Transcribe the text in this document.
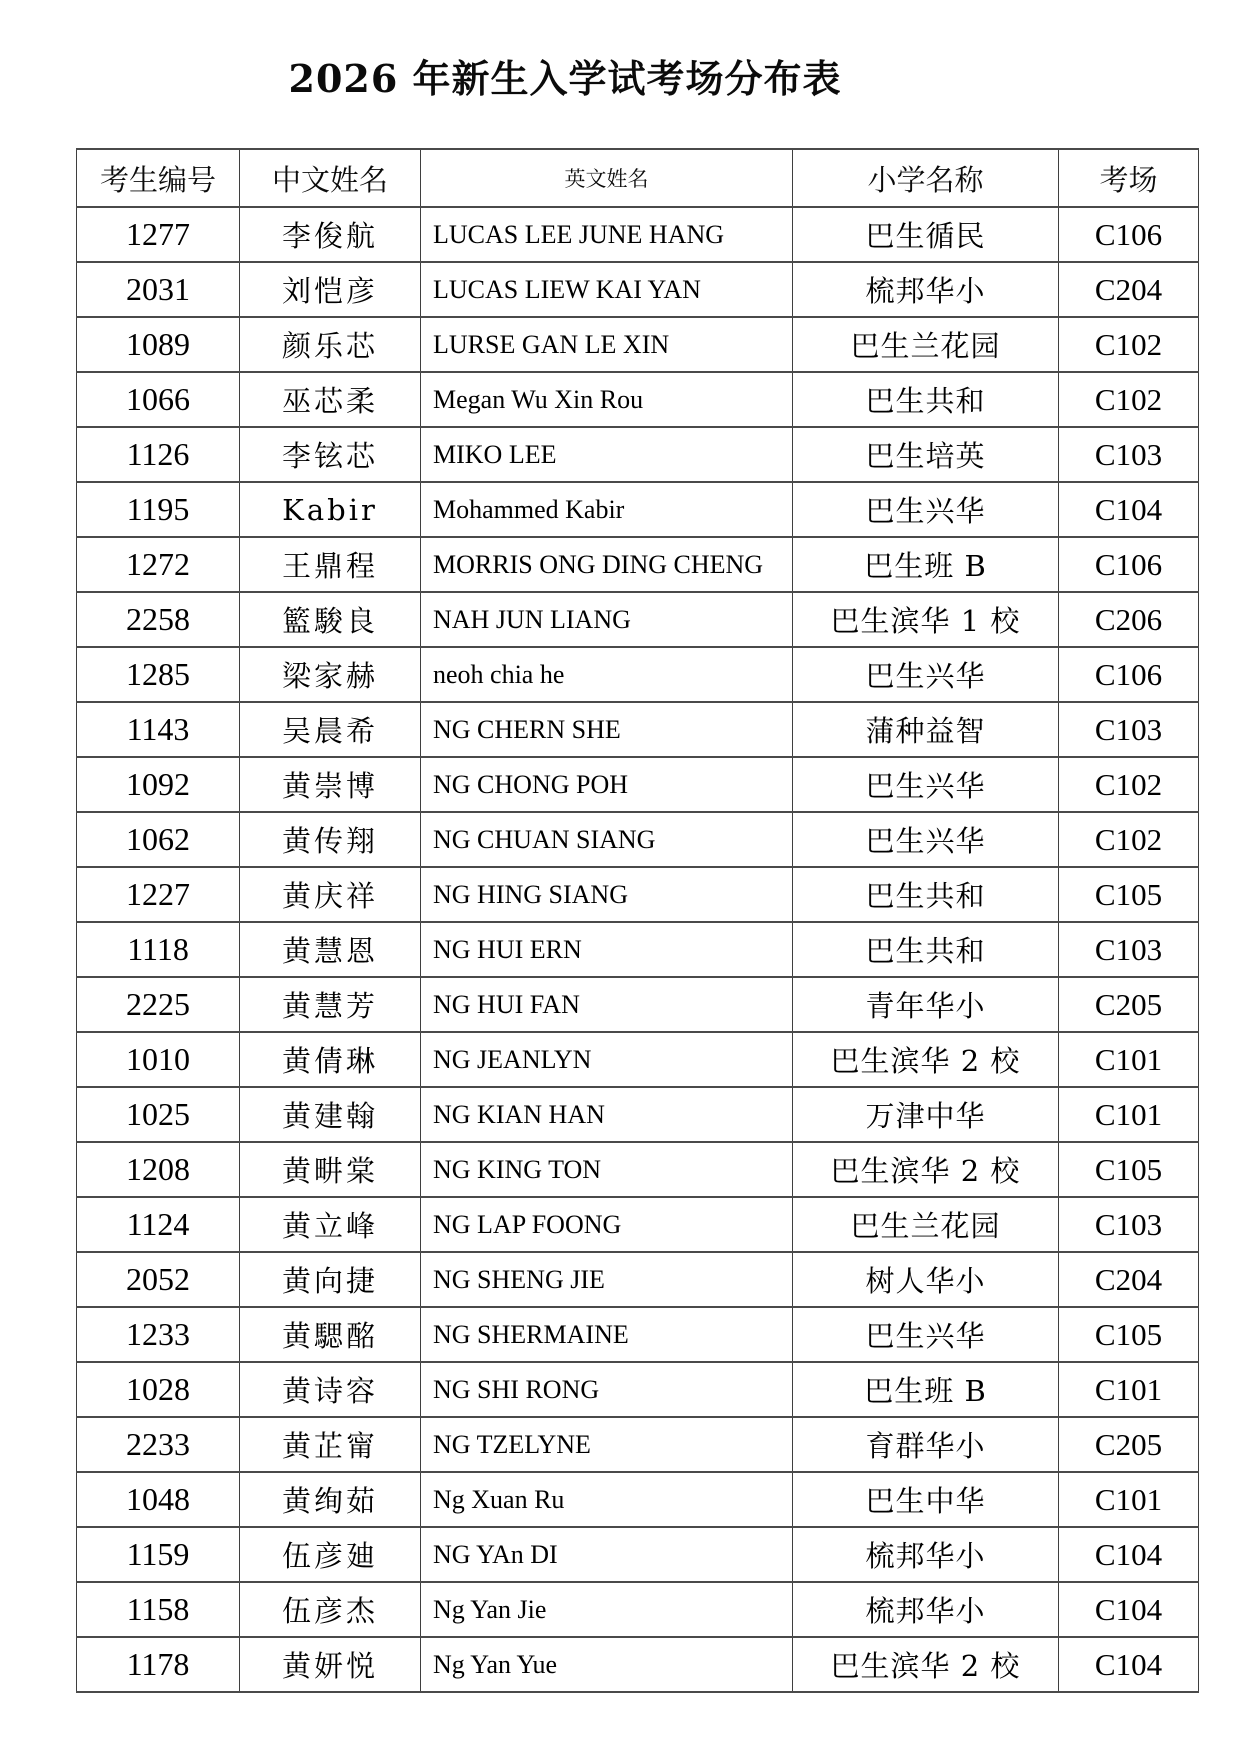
2026 年新生入学试考场分布表
考生编号	中文姓名	英文姓名	小学名称	考场
1277	李俊航	LUCAS LEE JUNE HANG	巴生循民	C106
2031	刘恺彦	LUCAS LIEW KAI YAN	梳邦华小	C204
1089	颜乐芯	LURSE GAN LE XIN	巴生兰花园	C102
1066	巫芯柔	Megan Wu Xin Rou	巴生共和	C102
1126	李铉芯	MIKO LEE	巴生培英	C103
1195	Kabir	Mohammed Kabir	巴生兴华	C104
1272	王鼎程	MORRIS ONG DING CHENG	巴生班 B	C106
2258	籃駿良	NAH JUN LIANG	巴生滨华 1 校	C206
1285	梁家赫	neoh chia he	巴生兴华	C106
1143	吴晨希	NG CHERN SHE	蒲种益智	C103
1092	黄崇博	NG CHONG POH	巴生兴华	C102
1062	黄传翔	NG CHUAN SIANG	巴生兴华	C102
1227	黄庆祥	NG HING SIANG	巴生共和	C105
1118	黄慧恩	NG HUI ERN	巴生共和	C103
2225	黄慧芳	NG HUI FAN	青年华小	C205
1010	黄倩琳	NG JEANLYN	巴生滨华 2 校	C101
1025	黄建翰	NG KIAN HAN	万津中华	C101
1208	黄畊棠	NG KING TON	巴生滨华 2 校	C105
1124	黄立峰	NG LAP FOONG	巴生兰花园	C103
2052	黄向捷	NG SHENG JIE	树人华小	C204
1233	黄騦酩	NG SHERMAINE	巴生兴华	C105
1028	黄诗容	NG SHI RONG	巴生班 B	C101
2233	黄芷甯	NG TZELYNE	育群华小	C205
1048	黄绚茹	Ng Xuan Ru	巴生中华	C101
1159	伍彦廸	NG YAn DI	梳邦华小	C104
1158	伍彦杰	Ng Yan Jie	梳邦华小	C104
1178	黄妍悦	Ng Yan Yue	巴生滨华 2 校	C104
